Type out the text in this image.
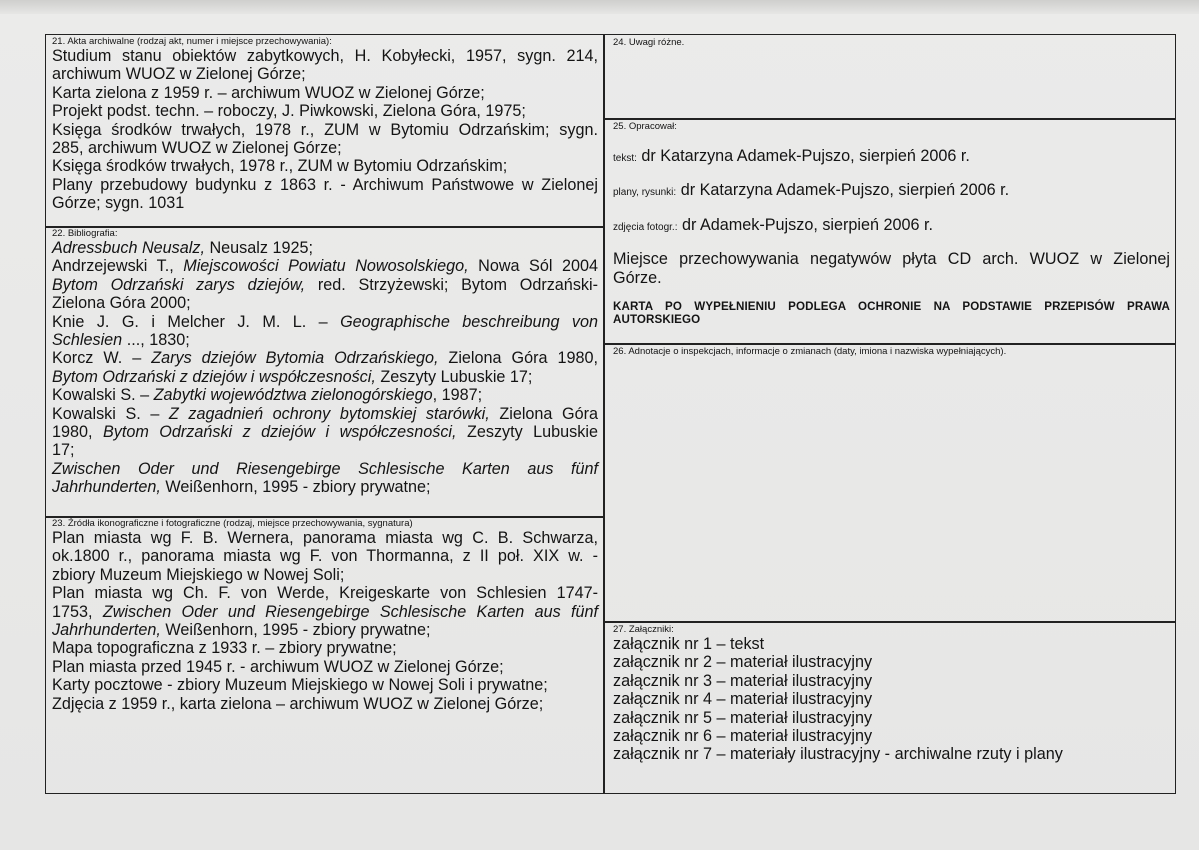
21. Akta archiwalne (rodzaj akt, numer i miejsce przechowywania):
Studium stanu obiektów zabytkowych, H. Kobyłecki, 1957, sygn. 214,
archiwum WUOZ w Zielonej Górze;
Karta zielona z 1959 r. – archiwum WUOZ w Zielonej Górze;
Projekt podst. techn. – roboczy, J. Piwkowski, Zielona Góra, 1975;
Księga środków trwałych, 1978 r., ZUM w Bytomiu Odrzańskim; sygn.
285, archiwum WUOZ w Zielonej Górze;
Księga środków trwałych, 1978 r., ZUM w Bytomiu Odrzańskim;
Plany przebudowy budynku z 1863 r. - Archiwum Państwowe w Zielonej
Górze; sygn. 1031
22. Bibliografia:
Adressbuch Neusalz, Neusalz 1925;
Andrzejewski T., Miejscowości Powiatu Nowosolskiego, Nowa Sól 2004
Bytom Odrzański zarys dziejów, red. Strzyżewski; Bytom Odrzański-
Zielona Góra 2000;
Knie J. G. i Melcher J. M. L. – Geographische beschreibung von
Schlesien ..., 1830;
Korcz W. – Zarys dziejów Bytomia Odrzańskiego, Zielona Góra 1980,
Bytom Odrzański z dziejów i współczesności, Zeszyty Lubuskie 17;
Kowalski S. – Zabytki województwa zielonogórskiego, 1987;
Kowalski S. – Z zagadnień ochrony bytomskiej starówki, Zielona Góra
1980, Bytom Odrzański z dziejów i współczesności, Zeszyty Lubuskie
17;
Zwischen Oder und Riesengebirge Schlesische Karten aus fünf
Jahrhunderten, Weißenhorn, 1995 - zbiory prywatne;
23. Źródła ikonograficzne i fotograficzne (rodzaj, miejsce przechowywania, sygnatura)
Plan miasta wg F. B. Wernera, panorama miasta wg C. B. Schwarza,
ok.1800 r., panorama miasta wg F. von Thormanna, z II poł. XIX w. -
zbiory Muzeum Miejskiego w Nowej Soli;
Plan miasta wg Ch. F. von Werde, Kreigeskarte von Schlesien 1747-
1753, Zwischen Oder und Riesengebirge Schlesische Karten aus fünf
Jahrhunderten, Weißenhorn, 1995 - zbiory prywatne;
Mapa topograficzna z 1933 r. – zbiory prywatne;
Plan miasta przed 1945 r. - archiwum WUOZ w Zielonej Górze;
Karty pocztowe - zbiory Muzeum Miejskiego w Nowej Soli i prywatne;
Zdjęcia z 1959 r., karta zielona – archiwum WUOZ w Zielonej Górze;
24. Uwagi różne.
25. Opracował:
tekst: dr Katarzyna Adamek-Pujszo, sierpień 2006 r.
plany, rysunki: dr Katarzyna Adamek-Pujszo, sierpień 2006 r.
zdjęcia fotogr.: dr Adamek-Pujszo, sierpień 2006 r.
Miejsce przechowywania negatywów płyta CD arch. WUOZ w Zielonej
Górze.
KARTA PO WYPEŁNIENIU PODLEGA OCHRONIE NA PODSTAWIE PRZEPISÓW PRAWA
AUTORSKIEGO
26. Adnotacje o inspekcjach, informacje o zmianach (daty, imiona i nazwiska wypełniających).
27. Załączniki:
załącznik nr 1 – tekst
załącznik nr 2 – materiał ilustracyjny
załącznik nr 3 – materiał ilustracyjny
załącznik nr 4 – materiał ilustracyjny
załącznik nr 5 – materiał ilustracyjny
załącznik nr 6 – materiał ilustracyjny
załącznik nr 7 – materiały ilustracyjny - archiwalne rzuty i plany
